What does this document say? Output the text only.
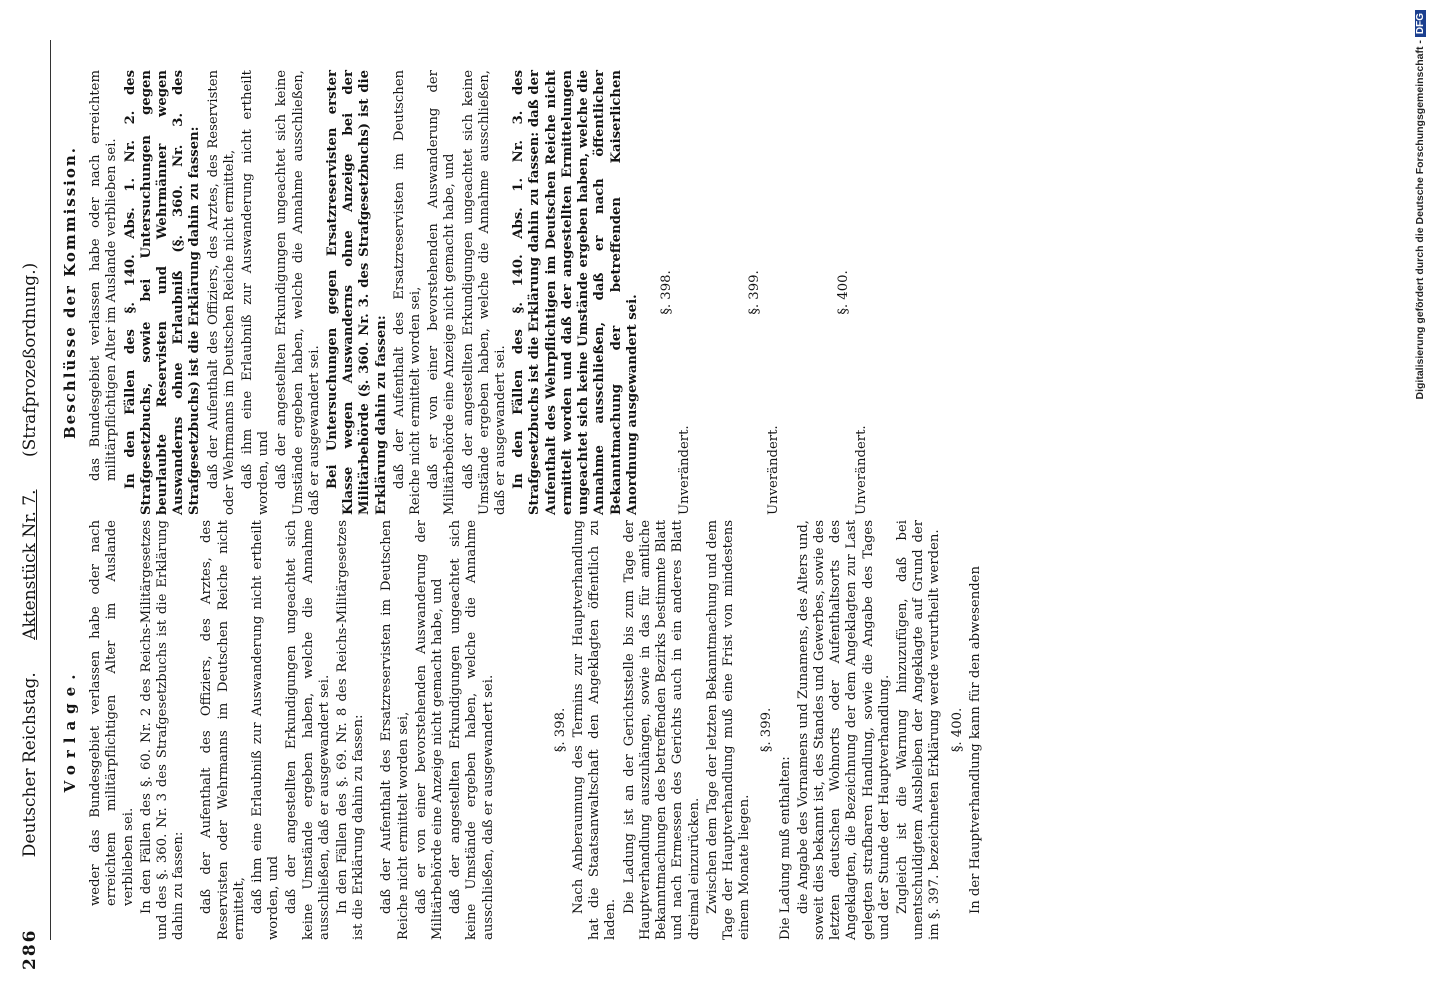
286
Deutscher Reichstag.      Aktenstück Nr. 7.      (Strafprozeßordnung.)
Vorlage. weder das Bundesgebiet verlassen habe oder nach erreichtem militärpflichtigen Alter im Auslande verblieben sei. In den Fällen des §. 60. Nr. 2 des Reichs-Militärgesetzes und des §. 360. Nr. 3 des Strafgesetzbuchs ist die Erklärung dahin zu fassen: daß der Aufenthalt des Offiziers, des Arztes, des Reservisten oder Wehrmanns im Deutschen Reiche nicht ermittelt, daß ihm eine Erlaubniß zur Auswanderung nicht ertheilt worden, und daß der angestellten Erkundigungen ungeachtet sich keine Umstände ergeben haben, welche die Annahme ausschließen, daß er ausgewandert sei. In den Fällen des §. 69. Nr. 8 des Reichs-Militärgesetzes ist die Erklärung dahin zu fassen: daß der Aufenthalt des Ersatzreservisten im Deutschen Reiche nicht ermittelt worden sei, daß er von einer bevorstehenden Auswanderung der Militärbehörde eine Anzeige nicht gemacht habe, und daß der angestellten Erkundigungen ungeachtet sich keine Umstände ergeben haben, welche die Annahme ausschließen, daß er ausgewandert sei.	§. 398. Nach Anberaumung des Termins zur Hauptverhandlung hat die Staatsanwaltschaft den Angeklagten öffentlich zu laden.

Die Ladung ist an der Gerichtsstelle bis zum Tage der Hauptverhandlung auszuhängen, sowie in das für amtliche Bekanntmachungen des betreffenden Bezirks bestimmte Blatt und nach Ermessen des Gerichts auch in ein anderes Blatt dreimal einzurücken. Zwischen dem Tage der letzten Bekanntmachung und dem Tage der Hauptverhandlung muß eine Frist von mindestens einem Monate liegen.

§. 399.

Die Ladung muß enthalten: die Angabe des Vornamens und Zunamens, des Alters und, soweit dies bekannt ist, des Standes und Gewerbes, sowie des letzten deutschen Wohnorts oder Aufenthaltsorts des Angeklagten, die Bezeichnung der dem Angeklagten zur Last gelegten strafbaren Handlung, sowie die Angabe des Tages und der Stunde der Hauptverhandlung. Zugleich ist die Warnung hinzuzufügen, daß bei unentschuldigtem Ausbleiben der Angeklagte auf Grund der im §. 397. bezeichneten Erklärung werde verurtheilt werden. §. 400. In der Hauptverhandlung kann für den abwesenden

Beschlüsse der Kommission. das Bundesgebiet verlassen habe oder nach erreichtem militärpflichtigen Alter im Auslande verblieben sei. In den Fällen des §. 140. Abs. 1. Nr. 2. des Strafgesetzbuchs, sowie bei Untersuchungen gegen beurlaubte Reservisten und Wehrmänner wegen Auswanderns ohne Erlaubniß (§. 360. Nr. 3. des Strafgesetzbuchs) ist die Erklärung dahin zu fassen: daß der Aufenthalt des Offiziers, des Arztes, des Reservisten oder Wehrmanns im Deutschen Reiche nicht ermittelt, daß ihm eine Erlaubniß zur Auswanderung nicht ertheilt worden, und daß der angestellten Erkundigungen ungeachtet sich keine Umstände ergeben haben, welche die Annahme ausschließen, daß er ausgewandert sei. Bei Untersuchungen gegen Ersatzreservisten erster Klasse wegen Auswanderns ohne Anzeige bei der Militärbehörde (§. 360. Nr. 3. des Strafgesetzbuchs) ist die Erklärung dahin zu fassen: daß der Aufenthalt des Ersatzreservisten im Deutschen Reiche nicht ermittelt worden sei, daß er von einer bevorstehenden Auswanderung der Militärbehörde eine Anzeige nicht gemacht habe, und daß der angestellten Erkundigungen ungeachtet sich keine Umstände ergeben haben, welche die Annahme ausschließen, daß er ausgewandert sei. In den Fällen des §. 140. Abs. 1. Nr. 3. des Strafgesetzbuchs ist die Erklärung dahin zu fassen: daß der Aufenthalt des Wehrpflichtigen im Deutschen Reiche nicht ermittelt worden und daß der angestellten Ermittelungen ungeachtet sich keine Umstände ergeben haben, welche die Annahme ausschließen, daß er nach öffentlicher Bekanntmachung der betreffenden Kaiserlichen Anordnung ausgewandert sei.

§. 398.

Unverändert.

§. 399.

Unverändert.

§. 400.

Unverändert.

Digitalisierung gefördert durch die Deutsche Forschungsgemeinschaft -DFG
